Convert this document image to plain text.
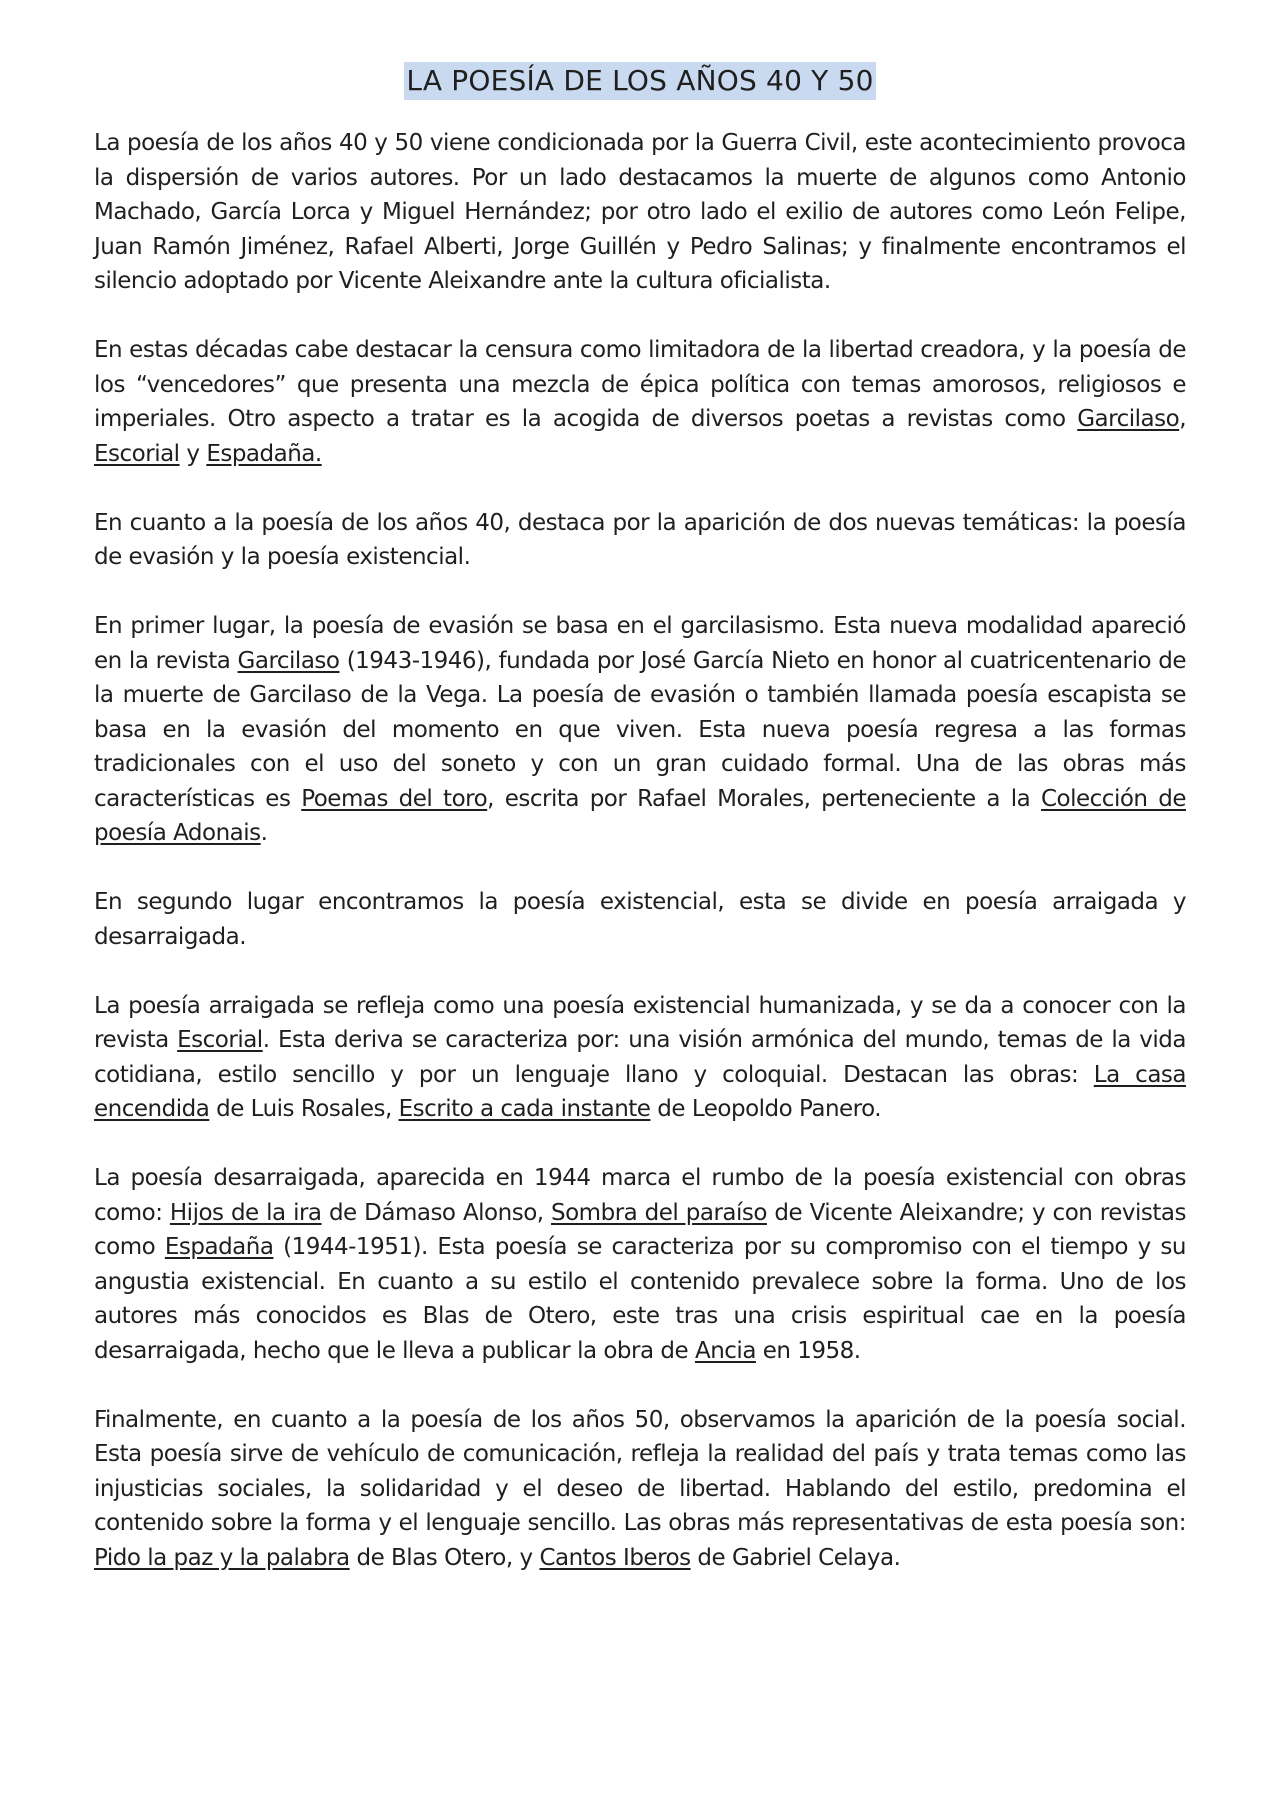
LA POESÍA DE LOS AÑOS 40 Y 50

La poesía de los años 40 y 50 viene condicionada por la Guerra Civil, este acontecimiento provoca la dispersión de varios autores. Por un lado destacamos la muerte de algunos como Antonio Machado, García Lorca y Miguel Hernández; por otro lado el exilio de autores como León Felipe, Juan Ramón Jiménez, Rafael Alberti, Jorge Guillén y Pedro Salinas; y finalmente encontramos el silencio adoptado por Vicente Aleixandre ante la cultura oficialista.

En estas décadas cabe destacar la censura como limitadora de la libertad creadora, y la poesía de los “vencedores” que presenta una mezcla de épica política con temas amorosos, religiosos e imperiales. Otro aspecto a tratar es la acogida de diversos poetas a revistas como Garcilaso, Escorial y Espadaña.

En cuanto a la poesía de los años 40, destaca por la aparición de dos nuevas temáticas: la poesía de evasión y la poesía existencial.

En primer lugar, la poesía de evasión se basa en el garcilasismo. Esta nueva modalidad apareció en la revista Garcilaso (1943-1946), fundada por José García Nieto en honor al cuatricentenario de la muerte de Garcilaso de la Vega. La poesía de evasión o también llamada poesía escapista se basa en la evasión del momento en que viven. Esta nueva poesía regresa a las formas tradicionales con el uso del soneto y con un gran cuidado formal. Una de las obras más características es Poemas del toro, escrita por Rafael Morales, perteneciente a la Colección de poesía Adonais.

En segundo lugar encontramos la poesía existencial, esta se divide en poesía arraigada y desarraigada.

La poesía arraigada se refleja como una poesía existencial humanizada, y se da a conocer con la revista Escorial. Esta deriva se caracteriza por: una visión armónica del mundo, temas de la vida cotidiana, estilo sencillo y por un lenguaje llano y coloquial. Destacan las obras: La casa encendida de Luis Rosales, Escrito a cada instante de Leopoldo Panero.

La poesía desarraigada, aparecida en 1944 marca el rumbo de la poesía existencial con obras como: Hijos de la ira de Dámaso Alonso, Sombra del paraíso de Vicente Aleixandre; y con revistas como Espadaña (1944-1951). Esta poesía se caracteriza por su compromiso con el tiempo y su angustia existencial. En cuanto a su estilo el contenido prevalece sobre la forma. Uno de los autores más conocidos es Blas de Otero, este tras una crisis espiritual cae en la poesía desarraigada, hecho que le lleva a publicar la obra de Ancia en 1958.

Finalmente, en cuanto a la poesía de los años 50, observamos la aparición de la poesía social. Esta poesía sirve de vehículo de comunicación, refleja la realidad del país y trata temas como las injusticias sociales, la solidaridad y el deseo de libertad. Hablando del estilo, predomina el contenido sobre la forma y el lenguaje sencillo. Las obras más representativas de esta poesía son: Pido la paz y la palabra de Blas Otero, y Cantos Iberos de Gabriel Celaya.
